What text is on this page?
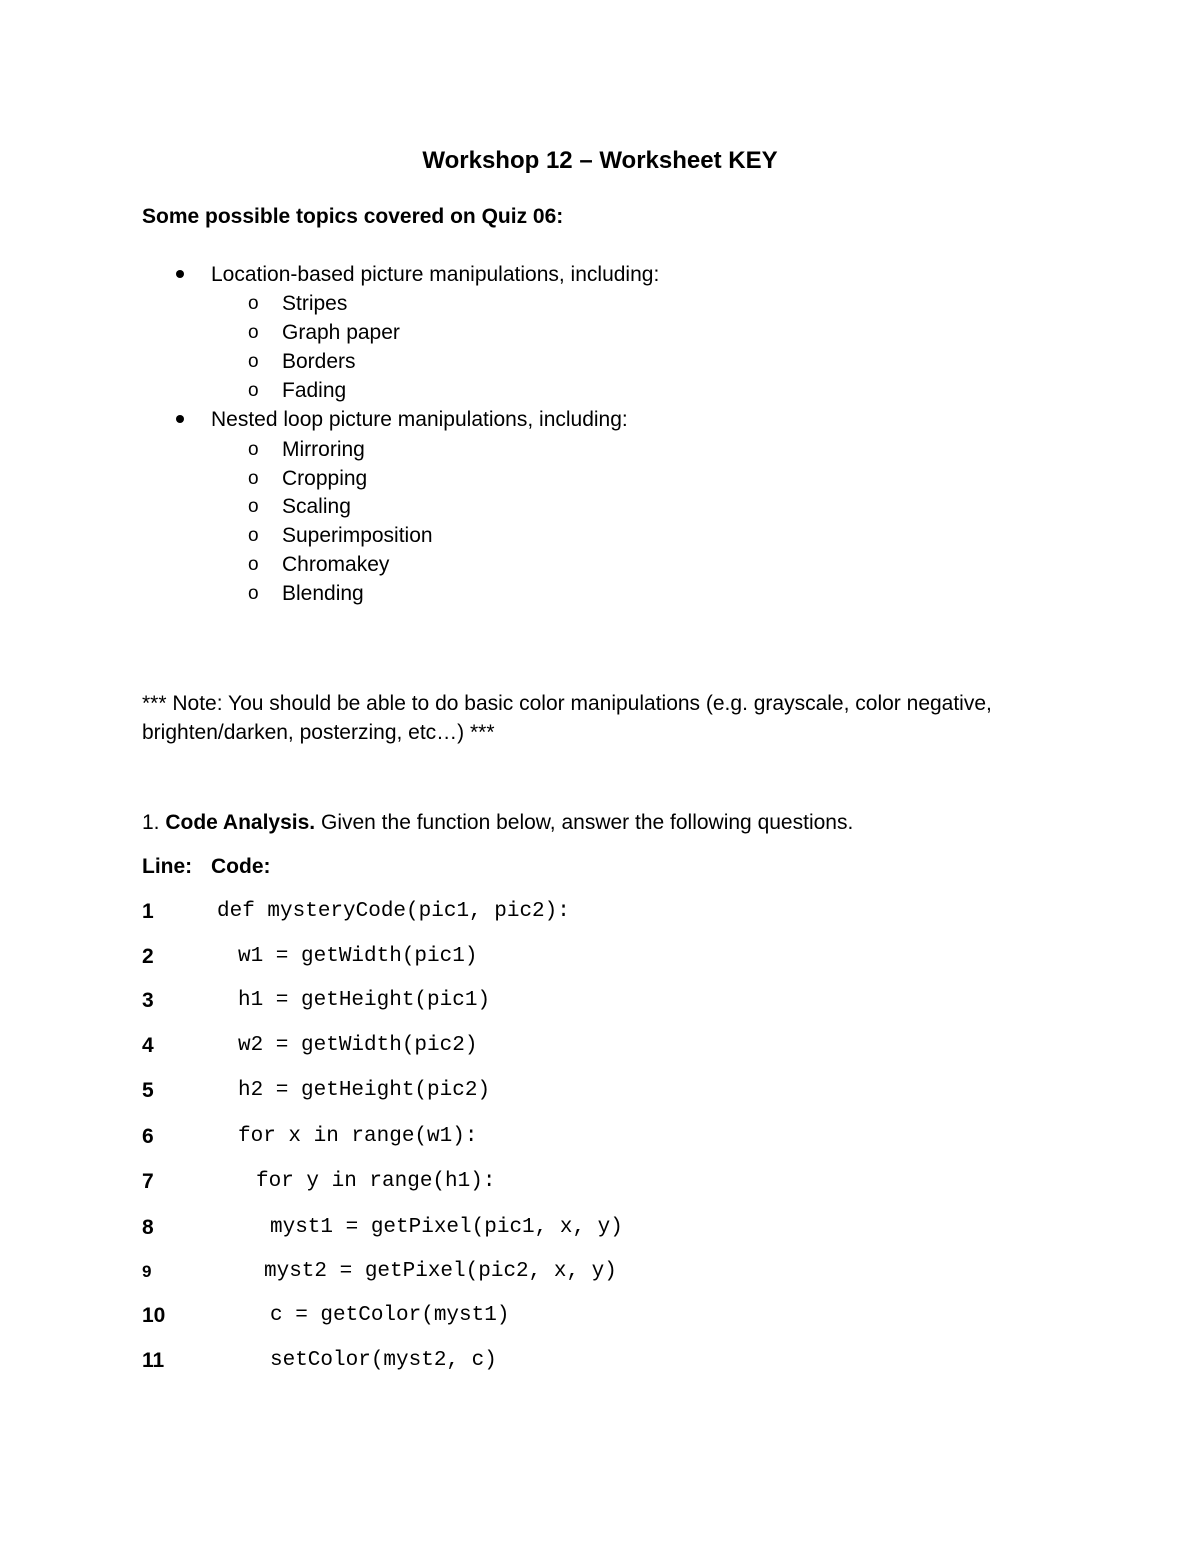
Workshop 12 – Worksheet KEY
Some possible topics covered on Quiz 06:
Location-based picture manipulations, including:
o Stripes
o Graph paper
o Borders
o Fading
Nested loop picture manipulations, including:
o Mirroring
o Cropping
o Scaling
o Superimposition
o Chromakey
o Blending
*** Note: You should be able to do basic color manipulations (e.g. grayscale, color negative,
brighten/darken, posterzing, etc…) ***
1. Code Analysis. Given the function below, answer the following questions.
Line: Code:
1	def mysteryCode(pic1, pic2):
2	w1 = getWidth(pic1)
3	h1 = getHeight(pic1)
4	w2 = getWidth(pic2)
5	h2 = getHeight(pic2)
6	for x in range(w1):
7	for y in range(h1):
8	myst1 = getPixel(pic1, x, y)
9	myst2 = getPixel(pic2, x, y)
10	c = getColor(myst1)
11	setColor(myst2, c)
